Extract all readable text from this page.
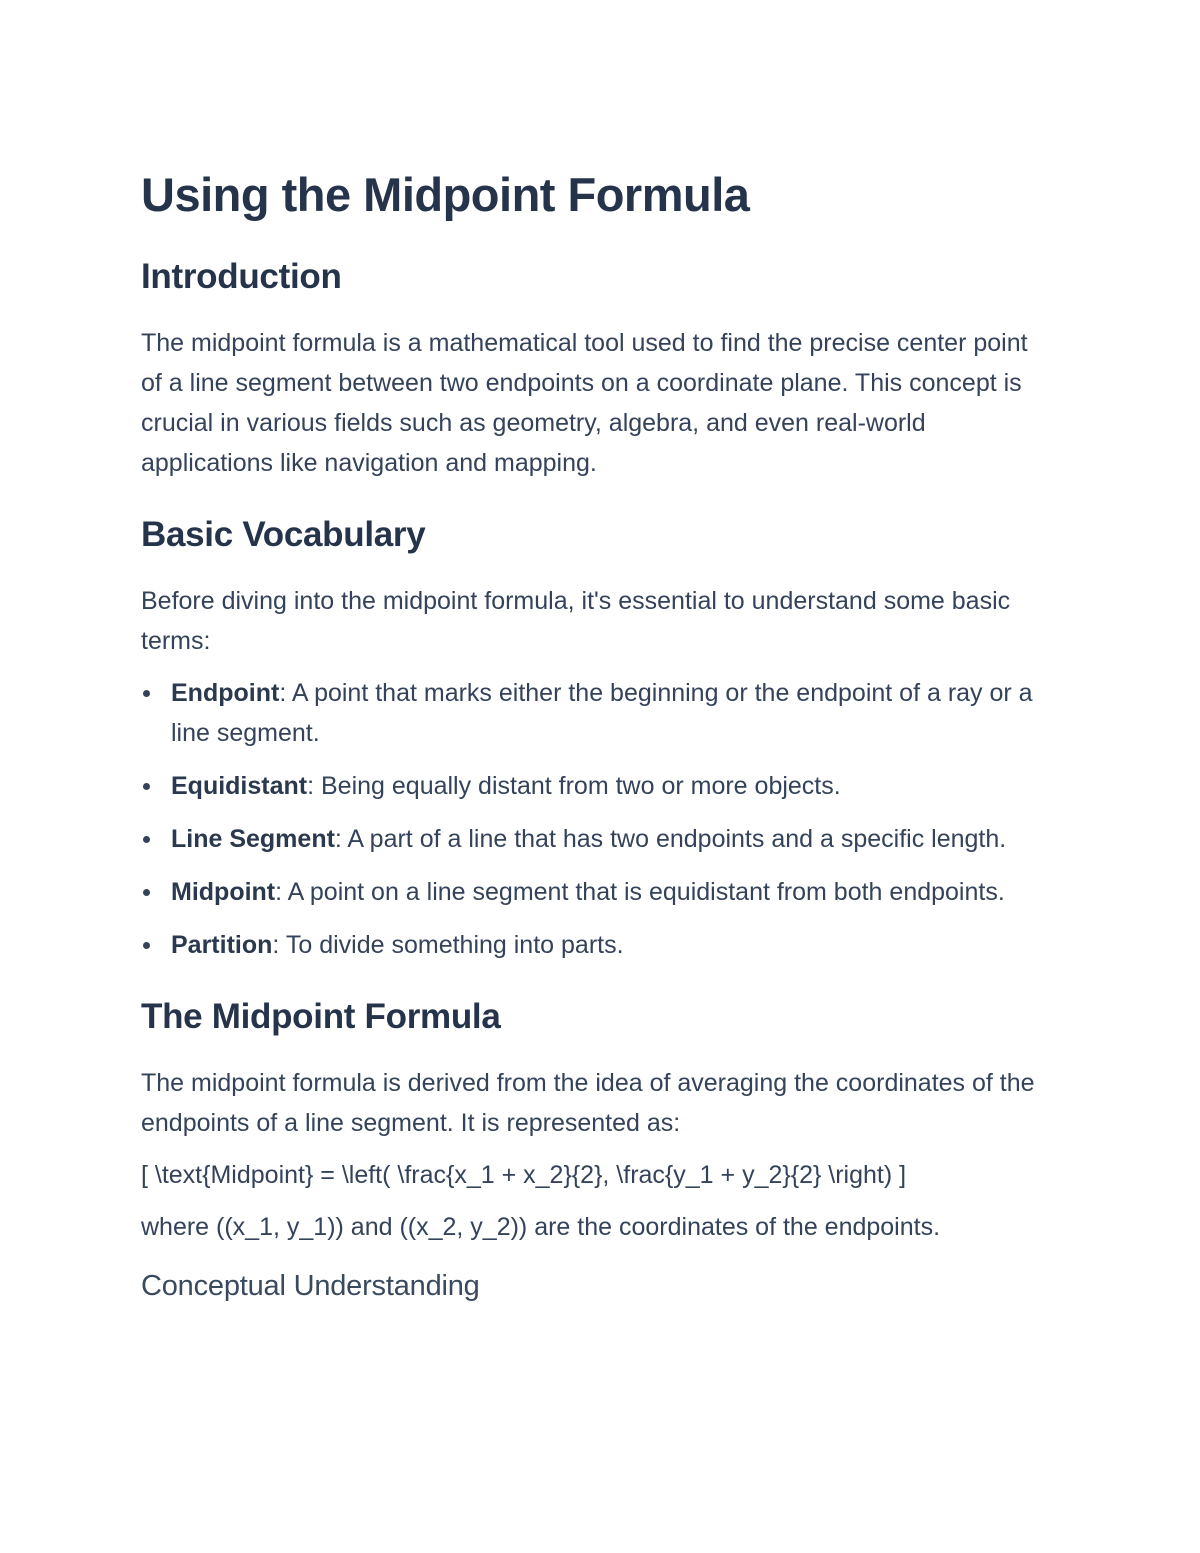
Using the Midpoint Formula
Introduction

The midpoint formula is a mathematical tool used to find the precise center point of a line segment between two endpoints on a coordinate plane. This concept is crucial in various fields such as geometry, algebra, and even real-world applications like navigation and mapping.

Basic Vocabulary

Before diving into the midpoint formula, it's essential to understand some basic terms:

Endpoint: A point that marks either the beginning or the endpoint of a ray or a line segment.
Equidistant: Being equally distant from two or more objects.
Line Segment: A part of a line that has two endpoints and a specific length.
Midpoint: A point on a line segment that is equidistant from both endpoints.
Partition: To divide something into parts.
The Midpoint Formula

The midpoint formula is derived from the idea of averaging the coordinates of the endpoints of a line segment. It is represented as:

[ \text{Midpoint} = \left( \frac{x_1 + x_2}{2}, \frac{y_1 + y_2}{2} \right) ]

where ((x_1, y_1)) and ((x_2, y_2)) are the coordinates of the endpoints.

Conceptual Understanding
